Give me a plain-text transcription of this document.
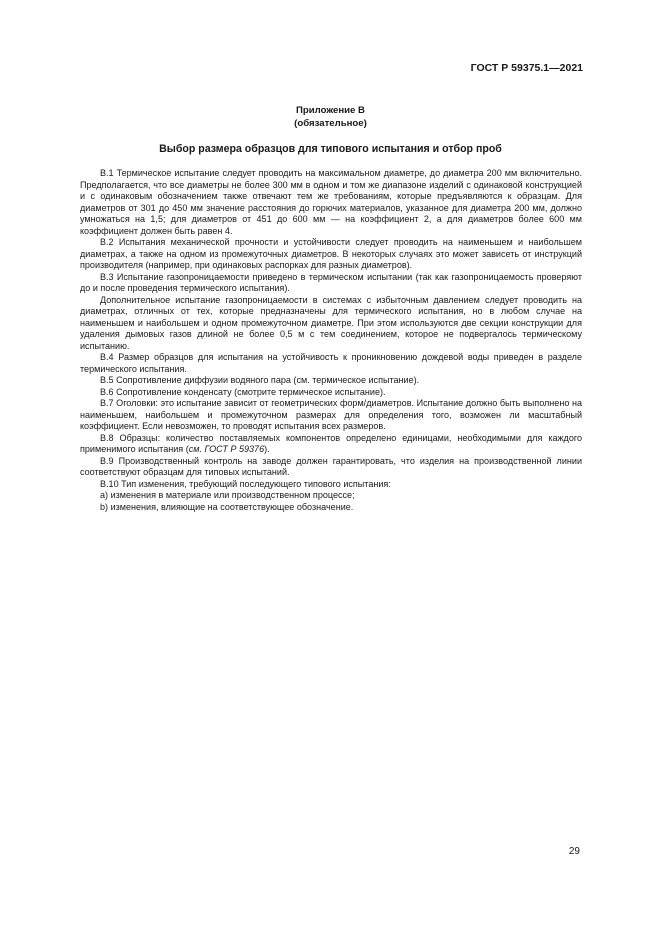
ГОСТ Р 59375.1—2021
Приложение В
(обязательное)
Выбор размера образцов для типового испытания и отбор проб

В.1 Термическое испытание следует проводить на максимальном диаметре, до диаметра 200 мм включительно. Предполагается, что все диаметры не более 300 мм в одном и том же диапазоне изделий с одинаковой конструкцией и с одинаковым обозначением также отвечают тем же требованиям, которые предъявляются к образцам. Для диаметров от 301 до 450 мм значение расстояния до горючих материалов, указанное для диаметра 200 мм, должно умножаться на 1,5; для диаметров от 451 до 600 мм — на коэффициент 2, а для диаметров более 600 мм коэффициент должен быть равен 4.

В.2 Испытания механической прочности и устойчивости следует проводить на наименьшем и наибольшем диаметрах, а также на одном из промежуточных диаметров. В некоторых случаях это может зависеть от инструкций производителя (например, при одинаковых распорках для разных диаметров).

В.3 Испытание газопроницаемости приведено в термическом испытании (так как газопроницаемость проверяют до и после проведения термического испытания).

Дополнительное испытание газопроницаемости в системах с избыточным давлением следует проводить на диаметрах, отличных от тех, которые предназначены для термического испытания, но в любом случае на наименьшем и наибольшем и одном промежуточном диаметре. При этом используются две секции конструкции для удаления дымовых газов длиной не более 0,5 м с тем соединением, которое не подвергалось термическому испытанию.

В.4 Размер образцов для испытания на устойчивость к проникновению дождевой воды приведен в разделе термического испытания.

В.5 Сопротивление диффузии водяного пара (см. термическое испытание).

В.6 Сопротивление конденсату (смотрите термическое испытание).

В.7 Оголовки: это испытание зависит от геометрических форм/диаметров. Испытание должно быть выполнено на наименьшем, наибольшем и промежуточном размерах для определения того, возможен ли масштабный коэффициент. Если невозможен, то проводят испытания всех размеров.

В.8 Образцы: количество поставляемых компонентов определено единицами, необходимыми для каждого применимого испытания (см. ГОСТ Р 59376).

В.9 Производственный контроль на заводе должен гарантировать, что изделия на производственной линии соответствуют образцам для типовых испытаний.

В.10 Тип изменения, требующий последующего типового испытания:

а) изменения в материале или производственном процессе;

b) изменения, влияющие на соответствующее обозначение.

29
